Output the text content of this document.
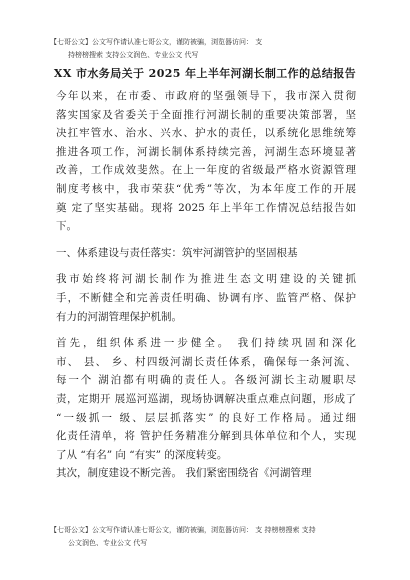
【七哥公文】公文写作请认准七哥公文，谨防被骗，浏览器访问： 支
持榜榜搜索 支持公文润色、专业公文 代写
XX 市水务局关于 2025 年上半年河湖长制工作的总结报告
今年以来，在市委、市政府的坚强领导下，我市深入贯彻
落实国家及省委关于全面推行河湖长制的重要决策部署，坚
决扛牢管水、治水、兴水、护水的责任，以系统化思维统筹
推进各项工作，河湖长制体系持续完善，河湖生态环境显著
改善，工作成效斐然。在上一年度的省级最严格水资源管理
制度考核中，我市荣获“优秀”等次，为本年度工作的开展
奠 定了坚实基础。现将 2025 年上半年工作情况总结报告如
下。
一、体系建设与责任落实：筑牢河湖管护的坚固根基
我市始终将河湖长制作为推进生态文明建设的关键抓
手，不断健全和完善责任明确、协调有序、监管严格、保护
有力的河湖管理保护机制。
首先，组织体系进一步健全。 我们持续巩固和深化
市、 县、 乡、村四级河湖长责任体系，确保每一条河流、
每一个 湖泊都有明确的责任人。各级河湖长主动履职尽
责，定期开 展巡河巡湖，现场协调解决重点难点问题，形成了
“一级抓一 级、层层抓落实” 的良好工作格局。通过细
化责任清单，将 管护任务精准分解到具体单位和个人，实现
了从 “有名” 向 “有实” 的深度转变。
其次，制度建设不断完善。 我们紧密围绕省《河湖管理
【七哥公文】公文写作请认准七哥公文，谨防被骗，浏览器访问： 支 持榜榜搜索 支持
公文润色、专业公文 代写
